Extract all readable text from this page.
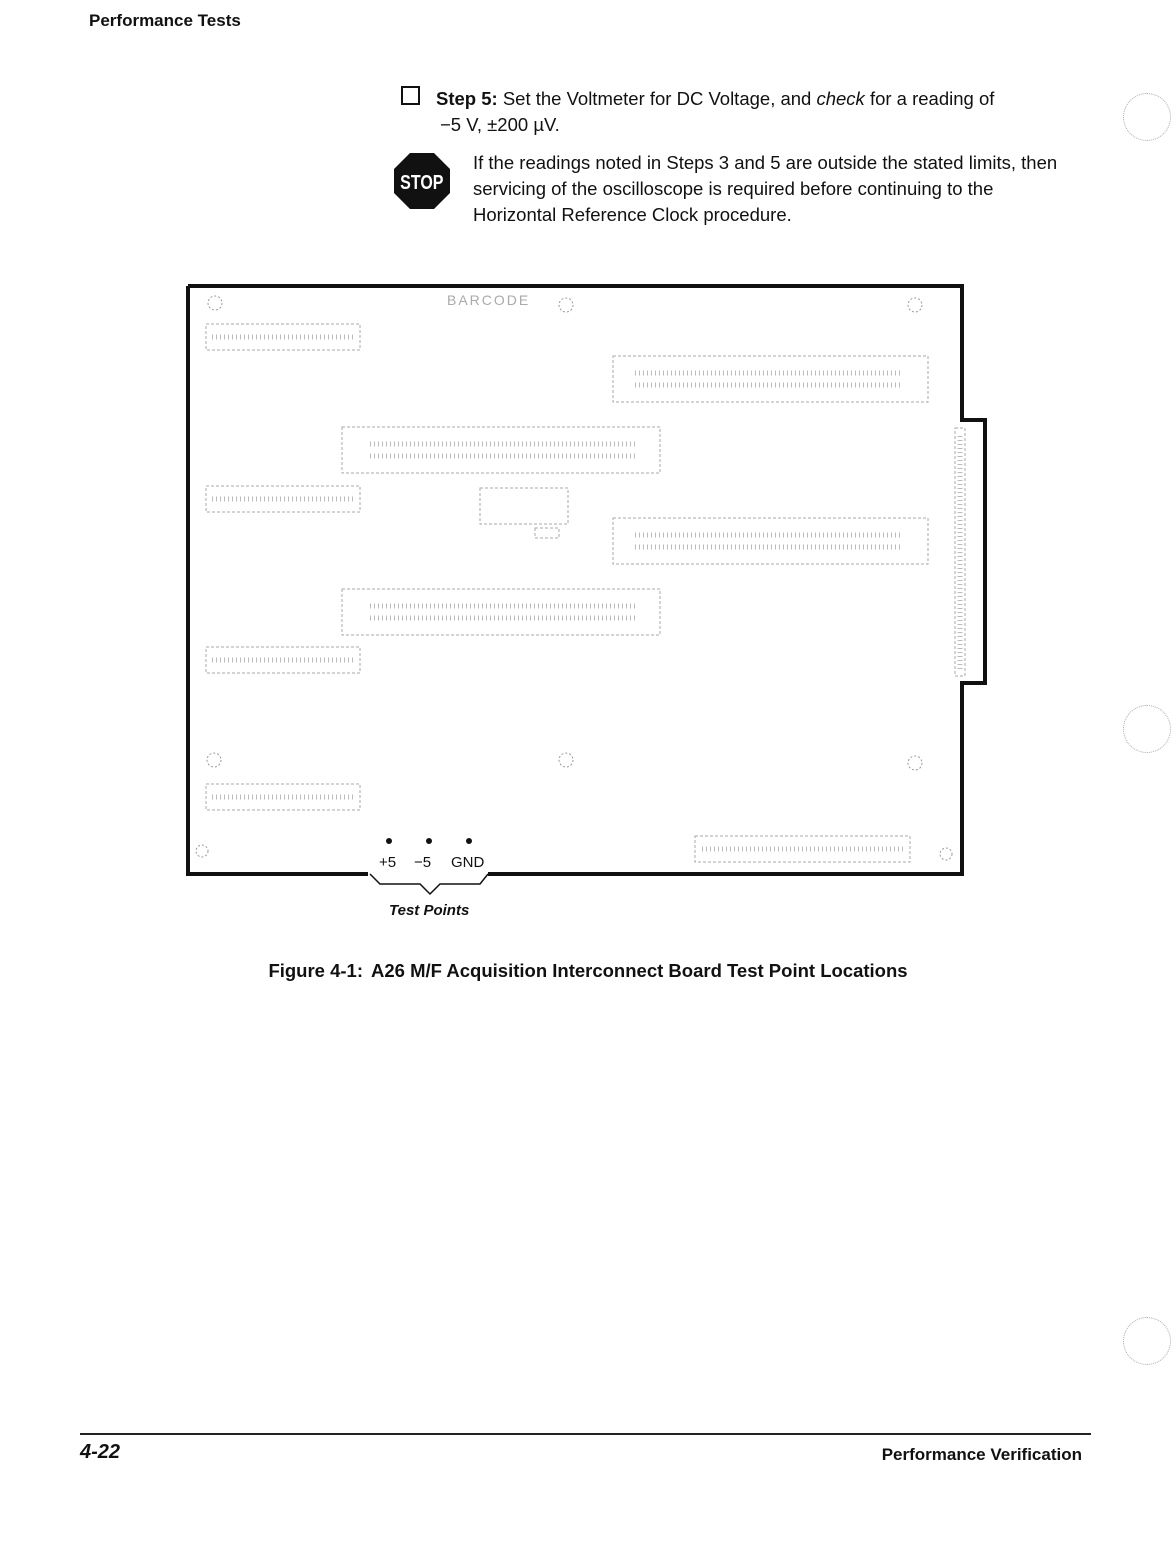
Performance Tests
Step 5: Set the Voltmeter for DC Voltage, and check for a reading of
−5 V, ±200 µV.
STOP
If the readings noted in Steps 3 and 5 are outside the stated limits, then servicing of the oscilloscope is required before continuing to the Horizontal Reference Clock procedure.
BARCODE
+5 −5 GND
Test Points
Figure 4-1: A26 M/F Acquisition Interconnect Board Test Point Locations
4-22	Performance Verification
